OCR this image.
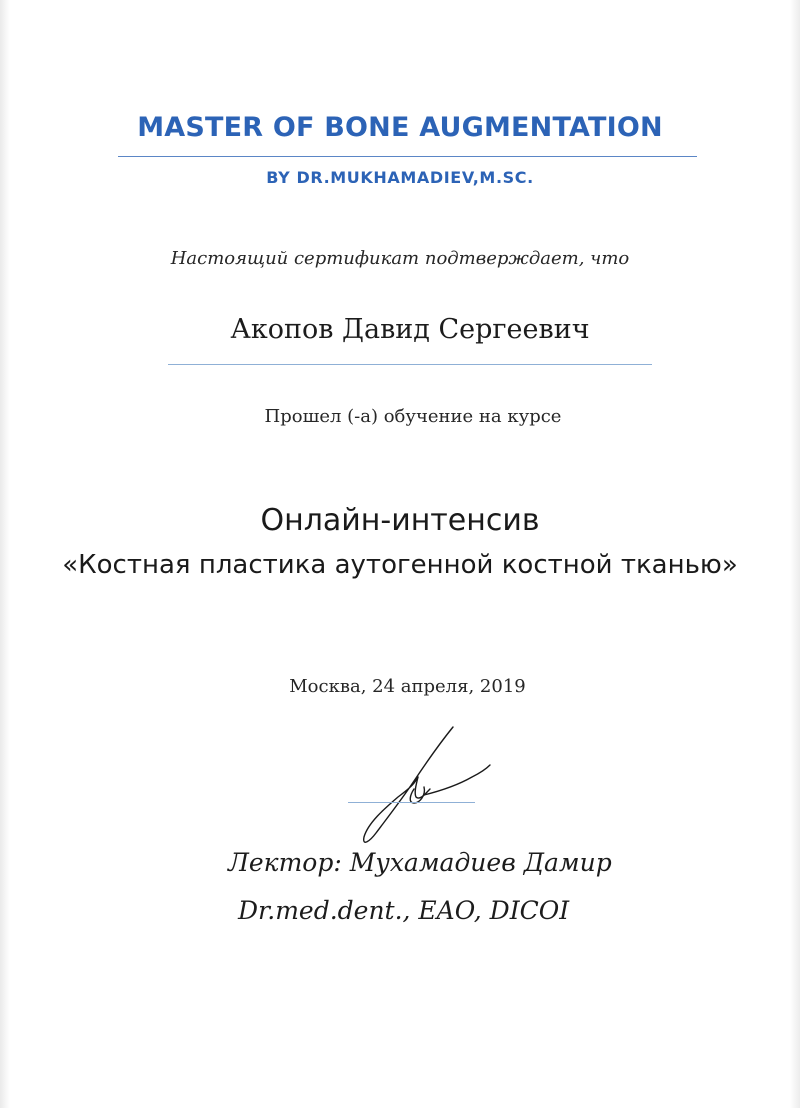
MASTER OF BONE AUGMENTATION
BY DR.MUKHAMADIEV,M.SC.
Настоящий сертификат подтверждает, что
Акопов Давид Сергеевич
Прошел (-а) обучение на курсе
Онлайн-интенсив
«Костная пластика аутогенной костной тканью»
Москва, 24 апреля, 2019
Лектор: Мухамадиев Дамир
Dr.med.dent., EAO, DICOI
